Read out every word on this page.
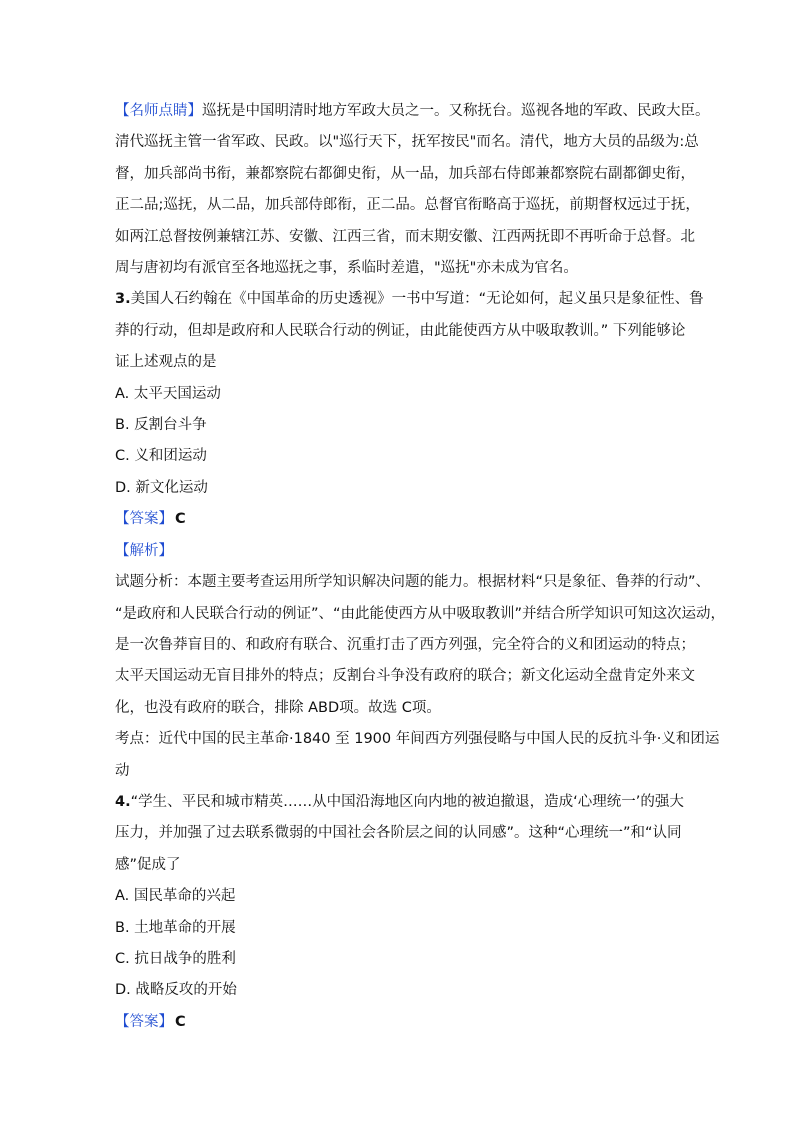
【名师点睛】巡抚是中国明清时地方军政大员之一。又称抚台。巡视各地的军政、民政大臣。

清代巡抚主管一省军政、民政。以"巡行天下，抚军按民"而名。清代，地方大员的品级为:总

督，加兵部尚书衔，兼都察院右都御史衔，从一品，加兵部右侍郎兼都察院右副都御史衔，

正二品;巡抚，从二品，加兵部侍郎衔，正二品。总督官衔略高于巡抚，前期督权远过于抚，

如两江总督按例兼辖江苏、安徽、江西三省，而末期安徽、江西两抚即不再听命于总督。北

周与唐初均有派官至各地巡抚之事，系临时差遣，"巡抚"亦未成为官名。

3.美国人石约翰在《中国革命的历史透视》一书中写道：“无论如何，起义虽只是象征性、鲁

莽的行动，但却是政府和人民联合行动的例证，由此能使西方从中吸取教训。” 下列能够论

证上述观点的是

A. 太平天国运动

B. 反割台斗争

C. 义和团运动

D. 新文化运动

【答案】 C

【解析】

试题分析：本题主要考查运用所学知识解决问题的能力。根据材料“只是象征、鲁莽的行动”、

“是政府和人民联合行动的例证”、“由此能使西方从中吸取教训”并结合所学知识可知这次运动，

是一次鲁莽盲目的、和政府有联合、沉重打击了西方列强，完全符合的义和团运动的特点；

太平天国运动无盲目排外的特点；反割台斗争没有政府的联合；新文化运动全盘肯定外来文

化，也没有政府的联合，排除 ABD项。故选 C项。

考点：近代中国的民主革命·1840 至 1900 年间西方列强侵略与中国人民的反抗斗争·义和团运

动

4.“学生、平民和城市精英……从中国沿海地区向内地的被迫撤退，造成‘心理统一’的强大

压力，并加强了过去联系微弱的中国社会各阶层之间的认同感”。这种“心理统一”和“认同

感”促成了

A. 国民革命的兴起

B. 土地革命的开展

C. 抗日战争的胜利

D. 战略反攻的开始

【答案】 C
